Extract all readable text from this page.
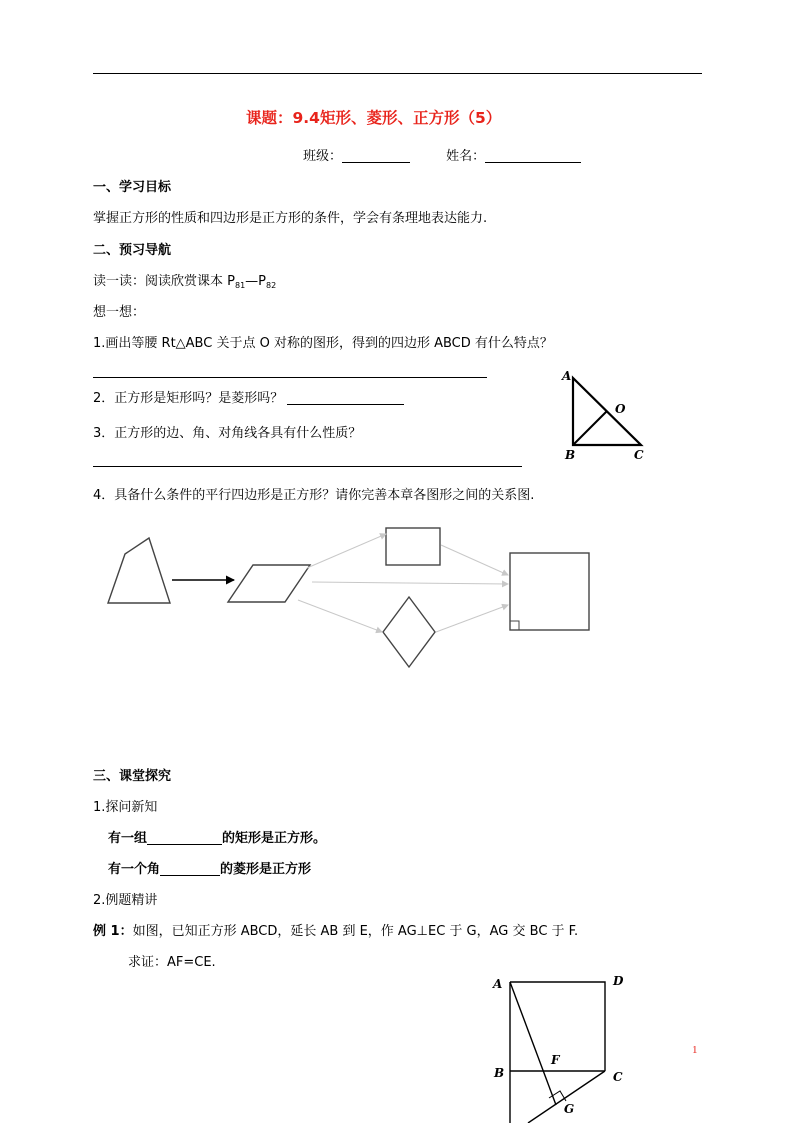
课题：9.4矩形、菱形、正方形（5）
班级：	姓名：
一、学习目标
掌握正方形的性质和四边形是正方形的条件，学会有条理地表达能力.
二、预习导航
读一读：阅读欣赏课本 $P_{81}—P_{82}$
想一想：
1.画出等腰 Rt△ABC 关于点 O 对称的图形，得到的四边形 ABCD 有什么特点？
2．正方形是矩形吗？是菱形吗？
3．正方形的边、角、对角线各具有什么性质？
4．具备什么条件的平行四边形是正方形？请你完善本章各图形之间的关系图.
A
O
B	C
三、课堂探究
1.探问新知
有一组	的矩形是正方形。
有一个角	的菱形是正方形
2.例题精讲
例 1：如图，已知正方形 ABCD，延长 AB 到 E，作 AG⊥EC 于 G，AG 交 BC 于 F.
求证：AF=CE.
A	D
F
B	C
G
1
